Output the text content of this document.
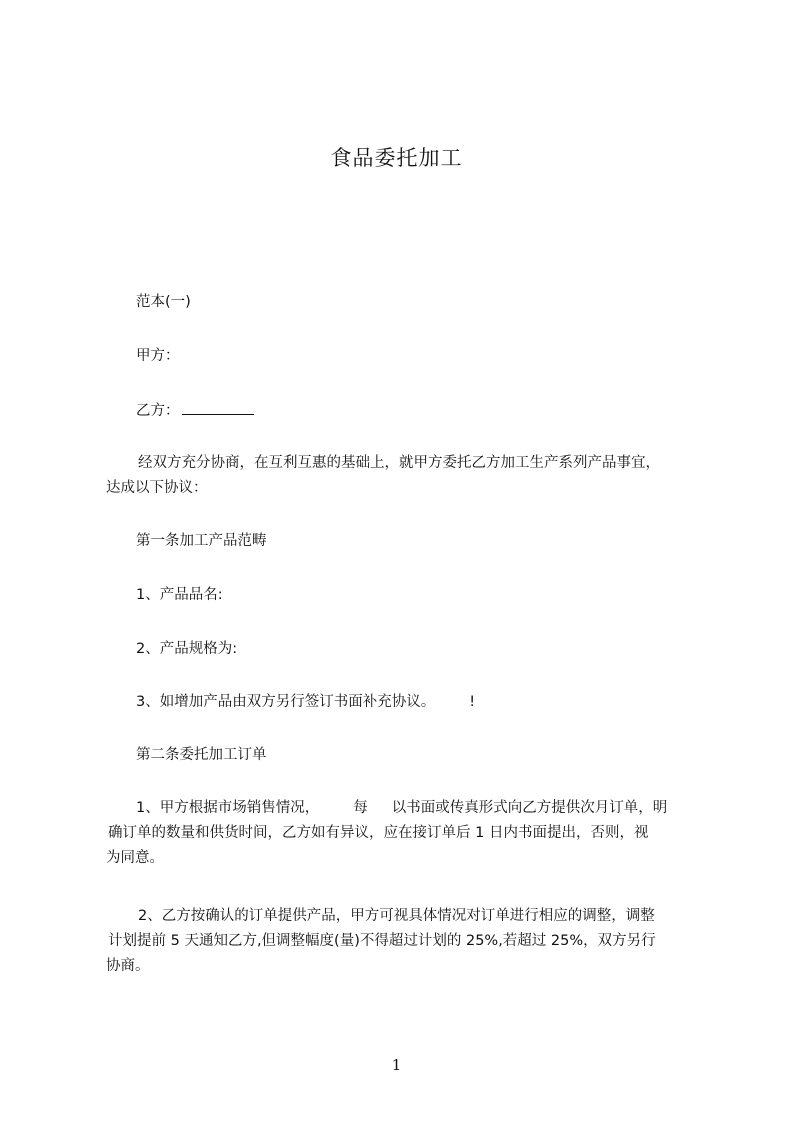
食品委托加工
范本(一)
甲方：
乙方：
经双方充分协商，在互利互惠的基础上，就甲方委托乙方加工生产系列产品事宜，
达成以下协议：
第一条加工产品范畴
1、产品品名:
2、产品规格为:
3、如增加产品由双方另行签订书面补充协议。 !
第二条委托加工订单
1、甲方根据市场销售情况， 每 以书面或传真形式向乙方提供次月订单，明
确订单的数量和供货时间，乙方如有异议，应在接订单后 1 日内书面提出，否则，视
为同意。
2、乙方按确认的订单提供产品，甲方可视具体情况对订单进行相应的调整，调整
计划提前 5 天通知乙方,但调整幅度(量)不得超过计划的 25%,若超过 25%，双方另行
协商。
1
